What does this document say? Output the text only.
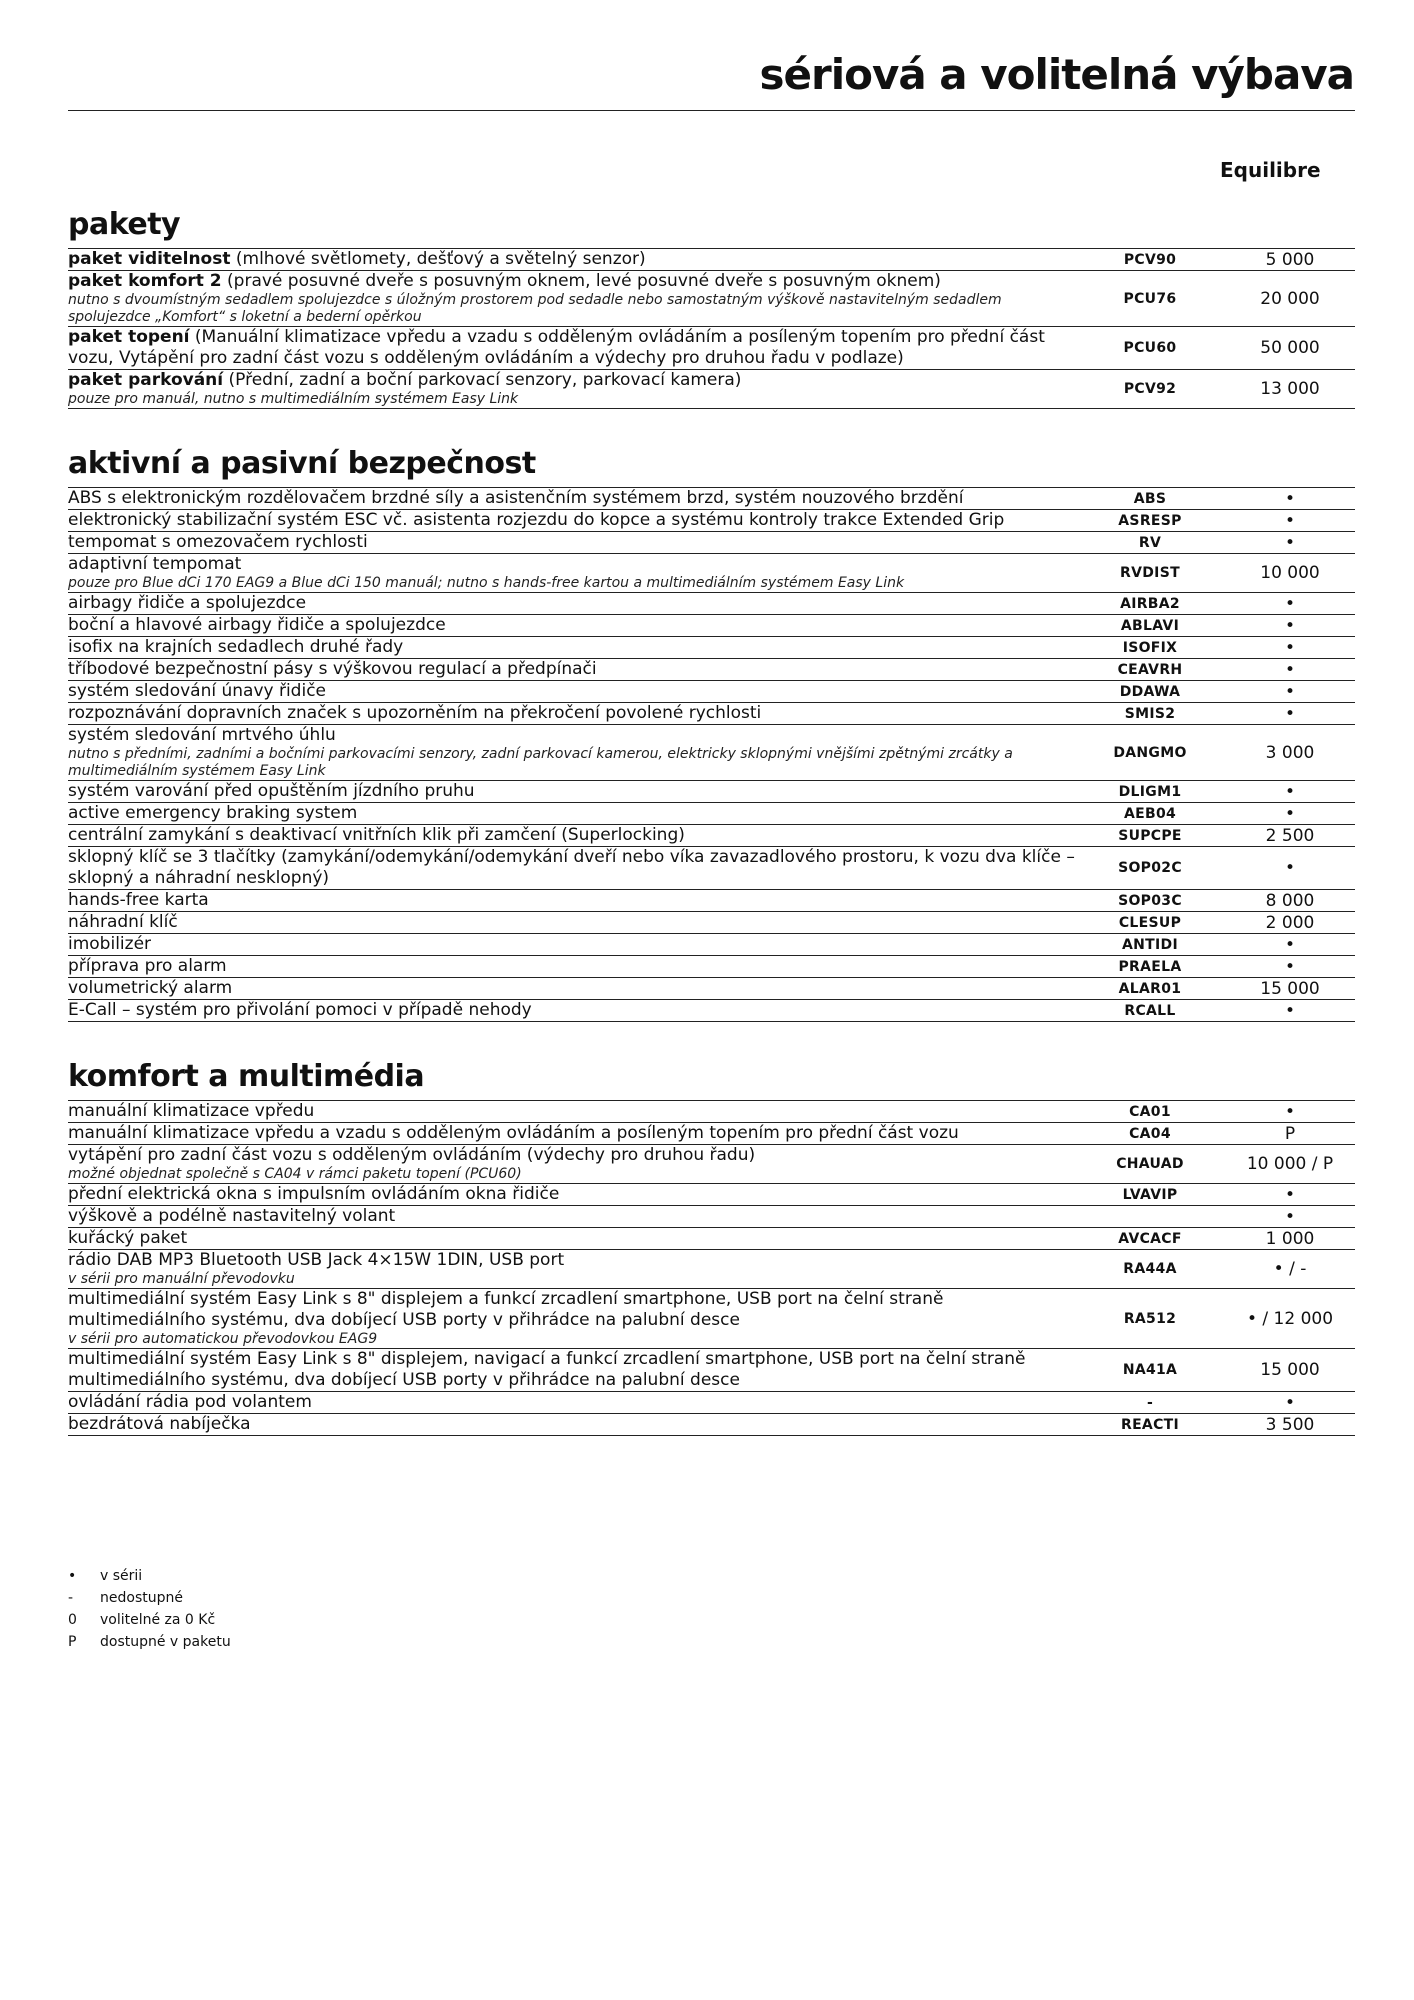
sériová a volitelná výbava
Equilibre
pakety
paket viditelnost (mlhové světlomety, dešťový a světelný senzor)	PCV90	5 000
paket komfort 2 (pravé posuvné dveře s posuvným oknem, levé posuvné dveře s posuvným oknem)
nutno s dvoumístným sedadlem spolujezdce s úložným prostorem pod sedadle nebo samostatným výškově nastavitelným sedadlem spolujezdce „Komfort“ s loketní a bederní opěrkou	PCU76	20 000
paket topení (Manuální klimatizace vpředu a vzadu s odděleným ovládáním a posíleným topením pro přední část vozu, Vytápění pro zadní část vozu s odděleným ovládáním a výdechy pro druhou řadu v podlaze)	PCU60	50 000
paket parkování (Přední, zadní a boční parkovací senzory, parkovací kamera)
pouze pro manuál, nutno s multimediálním systémem Easy Link	PCV92	13 000
aktivní a pasivní bezpečnost
ABS s elektronickým rozdělovačem brzdné síly a asistenčním systémem brzd, systém nouzového brzdění	ABS	•
elektronický stabilizační systém ESC vč. asistenta rozjezdu do kopce a systému kontroly trakce Extended Grip	ASRESP	•
tempomat s omezovačem rychlosti	RV	•
adaptivní tempomat
pouze pro Blue dCi 170 EAG9 a Blue dCi 150 manuál; nutno s hands-free kartou a multimediálním systémem Easy Link	RVDIST	10 000
airbagy řidiče a spolujezdce	AIRBA2	•
boční a hlavové airbagy řidiče a spolujezdce	ABLAVI	•
isofix na krajních sedadlech druhé řady	ISOFIX	•
tříbodové bezpečnostní pásy s výškovou regulací a předpínači	CEAVRH	•
systém sledování únavy řidiče	DDAWA	•
rozpoznávání dopravních značek s upozorněním na překročení povolené rychlosti	SMIS2	•
systém sledování mrtvého úhlu
nutno s předními, zadními a bočními parkovacími senzory, zadní parkovací kamerou, elektricky sklopnými vnějšími zpětnými zrcátky a multimediálním systémem Easy Link	DANGMO	3 000
systém varování před opuštěním jízdního pruhu	DLIGM1	•
active emergency braking system	AEB04	•
centrální zamykání s deaktivací vnitřních klik při zamčení (Superlocking)	SUPCPE	2 500
sklopný klíč se 3 tlačítky (zamykání/odemykání/odemykání dveří nebo víka zavazadlového prostoru, k vozu dva klíče – sklopný a náhradní nesklopný)	SOP02C	•
hands-free karta	SOP03C	8 000
náhradní klíč	CLESUP	2 000
imobilizér	ANTIDI	•
příprava pro alarm	PRAELA	•
volumetrický alarm	ALAR01	15 000
E-Call – systém pro přivolání pomoci v případě nehody	RCALL	•
komfort a multimédia
manuální klimatizace vpředu	CA01	•
manuální klimatizace vpředu a vzadu s odděleným ovládáním a posíleným topením pro přední část vozu	CA04	P
vytápění pro zadní část vozu s odděleným ovládáním (výdechy pro druhou řadu)
možné objednat společně s CA04 v rámci paketu topení (PCU60)	CHAUAD	10 000 / P
přední elektrická okna s impulsním ovládáním okna řidiče	LVAVIP	•
výškově a podélně nastavitelný volant		•
kuřácký paket	AVCACF	1 000
rádio DAB MP3 Bluetooth USB Jack 4×15W 1DIN, USB port
v sérii pro manuální převodovku	RA44A	• / -
multimediální systém Easy Link s 8" displejem a funkcí zrcadlení smartphone, USB port na čelní straně multimediálního systému, dva dobíjecí USB porty v přihrádce na palubní desce
v sérii pro automatickou převodovkou EAG9	RA512	• / 12 000
multimediální systém Easy Link s 8" displejem, navigací a funkcí zrcadlení smartphone, USB port na čelní straně multimediálního systému, dva dobíjecí USB porty v přihrádce na palubní desce	NA41A	15 000
ovládání rádia pod volantem	-	•
bezdrátová nabíječka	REACTI	3 500
•	v sérii
-	nedostupné
0	volitelné za 0 Kč
P	dostupné v paketu
